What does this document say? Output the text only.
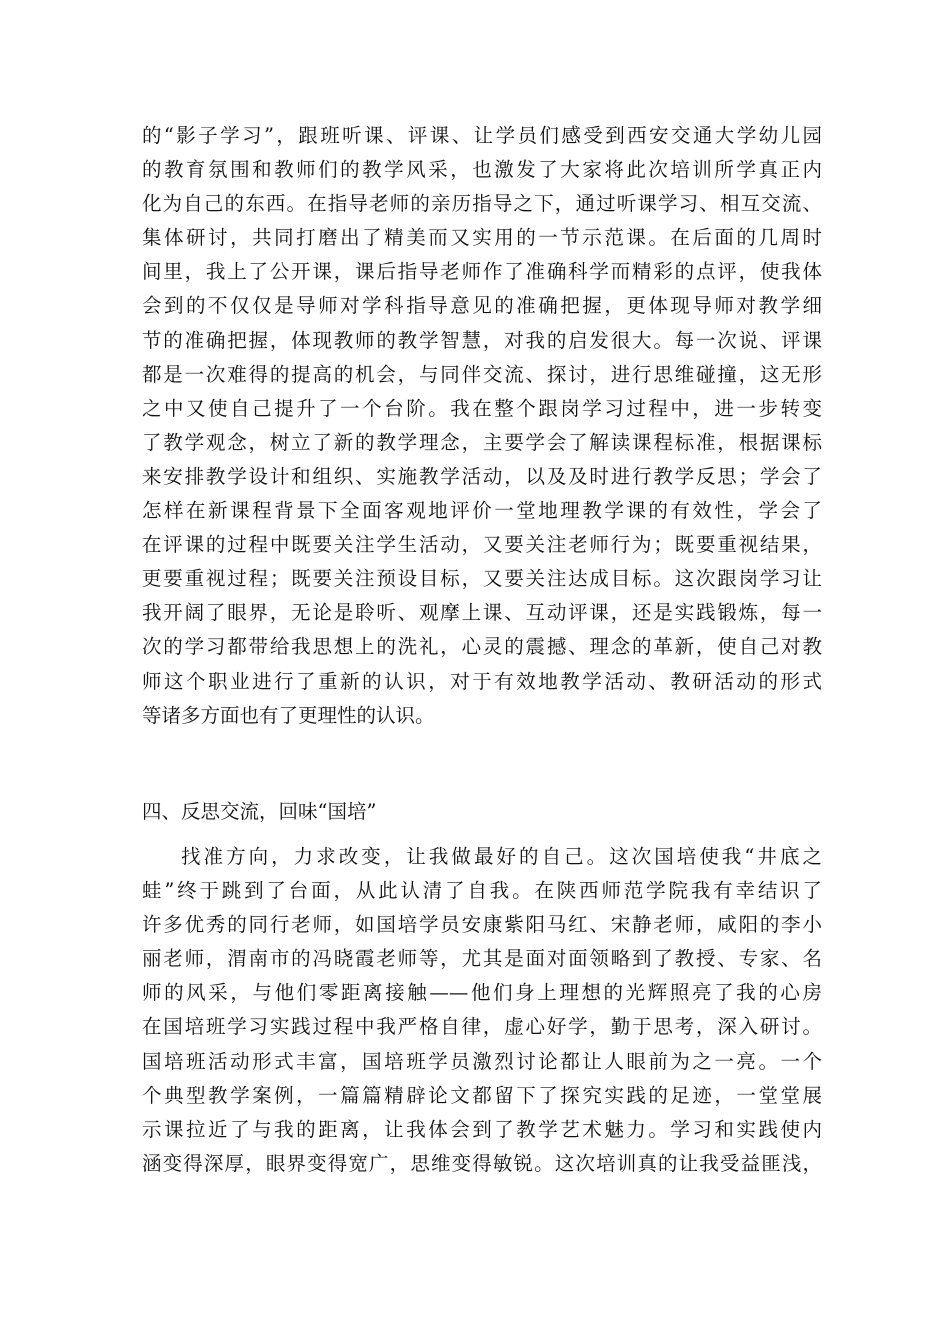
的“影子学习”，跟班听课、评课、让学员们感受到西安交通大学幼儿园
的教育氛围和教师们的教学风采，也激发了大家将此次培训所学真正内
化为自己的东西。在指导老师的亲历指导之下，通过听课学习、相互交流、
集体研讨，共同打磨出了精美而又实用的一节示范课。在后面的几周时
间里，我上了公开课，课后指导老师作了准确科学而精彩的点评，使我体
会到的不仅仅是导师对学科指导意见的准确把握，更体现导师对教学细
节的准确把握，体现教师的教学智慧，对我的启发很大。每一次说、评课
都是一次难得的提高的机会，与同伴交流、探讨，进行思维碰撞，这无形
之中又使自己提升了一个台阶。我在整个跟岗学习过程中，进一步转变
了教学观念，树立了新的教学理念，主要学会了解读课程标准，根据课标
来安排教学设计和组织、实施教学活动，以及及时进行教学反思；学会了
怎样在新课程背景下全面客观地评价一堂地理教学课的有效性，学会了
在评课的过程中既要关注学生活动，又要关注老师行为；既要重视结果，
更要重视过程；既要关注预设目标，又要关注达成目标。这次跟岗学习让
我开阔了眼界，无论是聆听、观摩上课、互动评课，还是实践锻炼，每一
次的学习都带给我思想上的洗礼，心灵的震撼、理念的革新，使自己对教
师这个职业进行了重新的认识，对于有效地教学活动、教研活动的形式
等诸多方面也有了更理性的认识。
四、反思交流，回味“国培”
找准方向，力求改变，让我做最好的自己。这次国培使我“井底之
蛙”终于跳到了台面，从此认清了自我。在陕西师范学院我有幸结识了
许多优秀的同行老师，如国培学员安康紫阳马红、宋静老师，咸阳的李小
丽老师，渭南市的冯晓霞老师等，尤其是面对面领略到了教授、专家、名
师的风采，与他们零距离接触——他们身上理想的光辉照亮了我的心房
在国培班学习实践过程中我严格自律，虚心好学，勤于思考，深入研讨。
国培班活动形式丰富，国培班学员激烈讨论都让人眼前为之一亮。一个
个典型教学案例，一篇篇精辟论文都留下了探究实践的足迹，一堂堂展
示课拉近了与我的距离，让我体会到了教学艺术魅力。学习和实践使内
涵变得深厚，眼界变得宽广，思维变得敏锐。这次培训真的让我受益匪浅，
